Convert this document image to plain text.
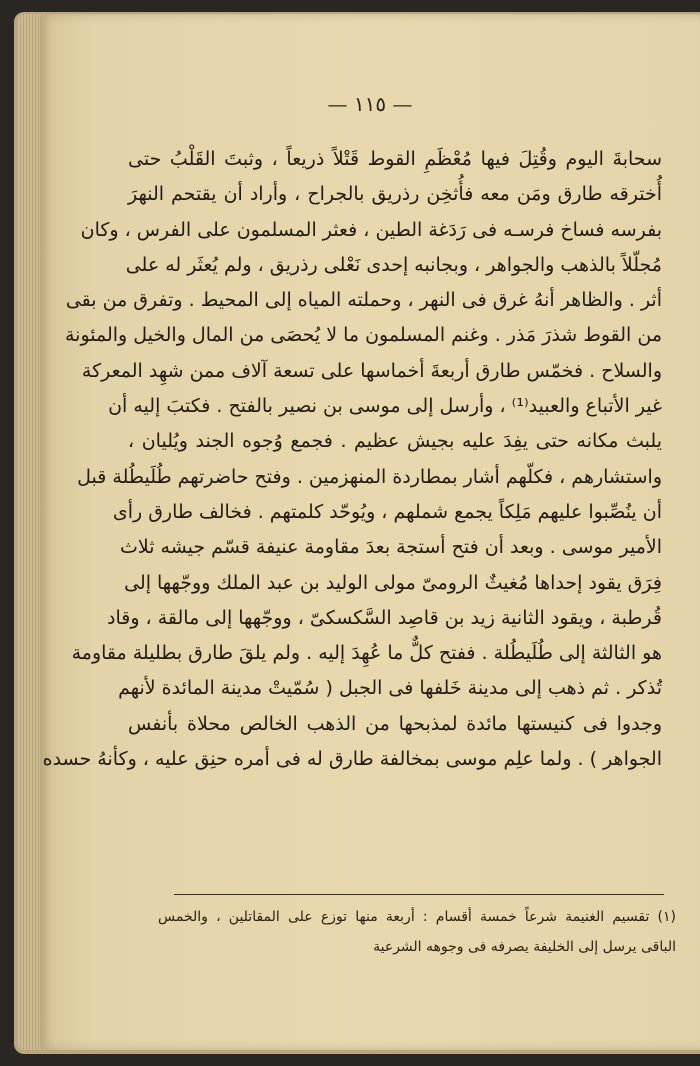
— ١١٥ —
سحابةَ اليوم وقُتِلَ فيها مُعْظَمِ القوط قَتْلاً ذريعاً ، وثبتَ القَلْبُ حتى
أُخترقه طارق ومَن معه فأُثخِن رذريق بالجراح ، وأراد أن يقتحم النهرَ
بفرسه فساخ فرسـه فى رَدَغة الطين ، فعثر المسلمون على الفرس ، وكان
مُجلّلاً بالذهب والجواهر ، وبجانبه إحدى نَعْلى رذريق ، ولم يُعثَر له على
أثر . والظاهر أنهُ غرق فى النهر ، وحملته المياه إلى المحيط . وتفرق من بقى
من القوط شذرَ مَذر . وغنم المسلمون ما لا يُحصَى من المال والخيل والمئونة
والسلاح . فخمّس طارق أربعةَ أخماسها على تسعة آلاف ممن شهِد المعركة
غير الأتباع والعبيد⁽¹⁾ ، وأرسل إلى موسى بن نصير بالفتح . فكتبَ إليه أن
يلبث مكانه حتى يفِدَ عليه بجيش عظيم . فجمع وُجوه الجند ويُليان ،
واستشارهم ، فكلّهم أشار بمطاردة المنهزمين . وفتح حاضرتهم طُلَيطُلة قبل
أن ينُصِّبوا عليهم مَلِكاً يجمع شملهم ، ويُوحّد كلمتهم . فخالف طارق رأى
الأمير موسى . وبعد أن فتح أستجة بعدَ مقاومة عنيفة قسّم جيشه ثلاث
فِرَق يقود إحداها مُغيثٌ الرومىّ مولى الوليد بن عبد الملك ووجّهها إلى
قُرطبة ، ويقود الثانية زيد بن قاصِد السَّكسكىّ ، ووجّهها إلى مالقة ، وقاد
هو الثالثة إلى طُلَيطُلة . ففتح كلٌّ ما عُهِدَ إليه . ولم يلقَ طارق بطليلة مقاومة
تُذكر . ثم ذهب إلى مدينة خَلفها فى الجبل ( سُمّيتْ مدينة المائدة لأنهم
وجدوا فى كنيستها مائدة لمذبحها من الذهب الخالص محلاة بأنفس
الجواهر ) . ولما علِم موسى بمخالفة طارق له فى أمره حنِق عليه ، وكأنهُ حسده
(١) تقسيم الغنيمة شرعاً خمسة أقسام : أربعة منها توزع على المقاتلين ، والخمس
الباقى يرسل إلى الخليفة يصرفه فى وجوهه الشرعية
